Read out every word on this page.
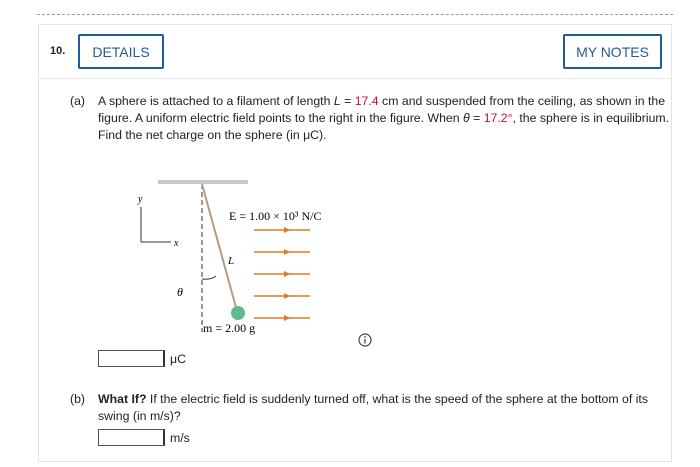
10.	DETAILS	MY NOTES
(a) A sphere is attached to a filament of length L = 17.4 cm and suspended from the ceiling, as shown in the figure. A uniform electric field points to the right in the figure. When θ = 17.2°, the sphere is in equilibrium. Find the net charge on the sphere (in μC).
y
x
E = 1.00 × 10³ N/C
L
θ
m = 2.00 g
μC
(b) What If? If the electric field is suddenly turned off, what is the speed of the sphere at the bottom of its swing (in m/s)?
m/s
